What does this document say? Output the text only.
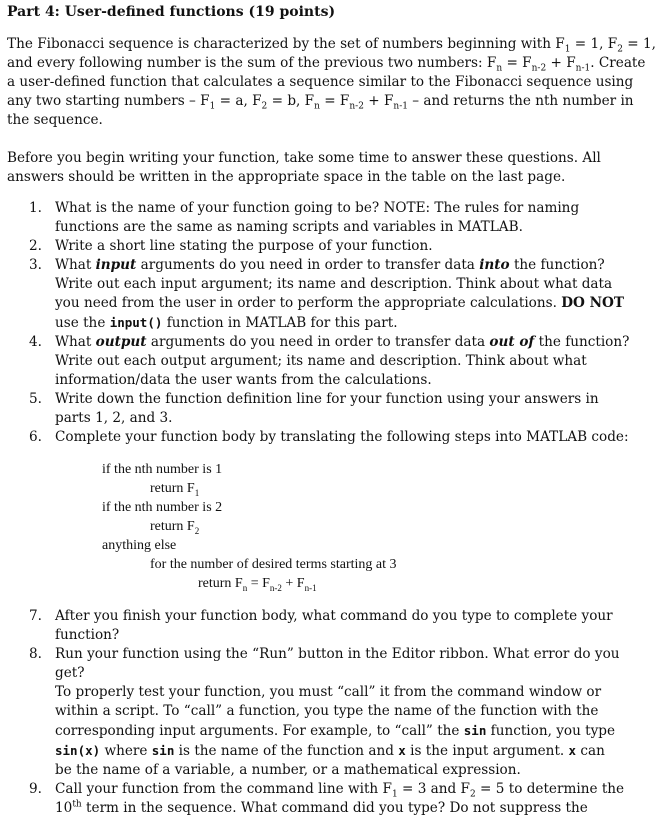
Part 4: User-defined functions (19 points)
The Fibonacci sequence is characterized by the set of numbers beginning with $F_1 = 1$, $F_2 = 1$,
and every following number is the sum of the previous two numbers: $F_n = F_{n-2} + F_{n-1}$. Create
a user-defined function that calculates a sequence similar to the Fibonacci sequence using
any two starting numbers – $F_1 = a$, $F_2 = b$, $F_n = F_{n-2} + F_{n-1}$ – and returns the nth number in
the sequence.
Before you begin writing your function, take some time to answer these questions. All
answers should be written in the appropriate space in the table on the last page.
1. What is the name of your function going to be? NOTE: The rules for naming
functions are the same as naming scripts and variables in MATLAB.
2. Write a short line stating the purpose of your function.
3. What input arguments do you need in order to transfer data into the function?
Write out each input argument; its name and description. Think about what data
you need from the user in order to perform the appropriate calculations. DO NOT
use the input() function in MATLAB for this part.
4. What output arguments do you need in order to transfer data out of the function?
Write out each output argument; its name and description. Think about what
information/data the user wants from the calculations.
5. Write down the function definition line for your function using your answers in
parts 1, 2, and 3.
6. Complete your function body by translating the following steps into MATLAB code:
if the nth number is 1
return $F_1$
if the nth number is 2
return $F_2$
anything else
for the number of desired terms starting at 3
return $F_n = F_{n-2} + F_{n-1}$
7. After you finish your function body, what command do you type to complete your
function?
8. Run your function using the “Run” button in the Editor ribbon. What error do you
get?
To properly test your function, you must “call” it from the command window or
within a script. To “call” a function, you type the name of the function with the
corresponding input arguments. For example, to “call” the sin function, you type
sin(x) where sin is the name of the function and x is the input argument. x can
be the name of a variable, a number, or a mathematical expression.
9. Call your function from the command line with $F_1 = 3$ and $F_2 = 5$ to determine the
10th term in the sequence. What command did you type? Do not suppress the
